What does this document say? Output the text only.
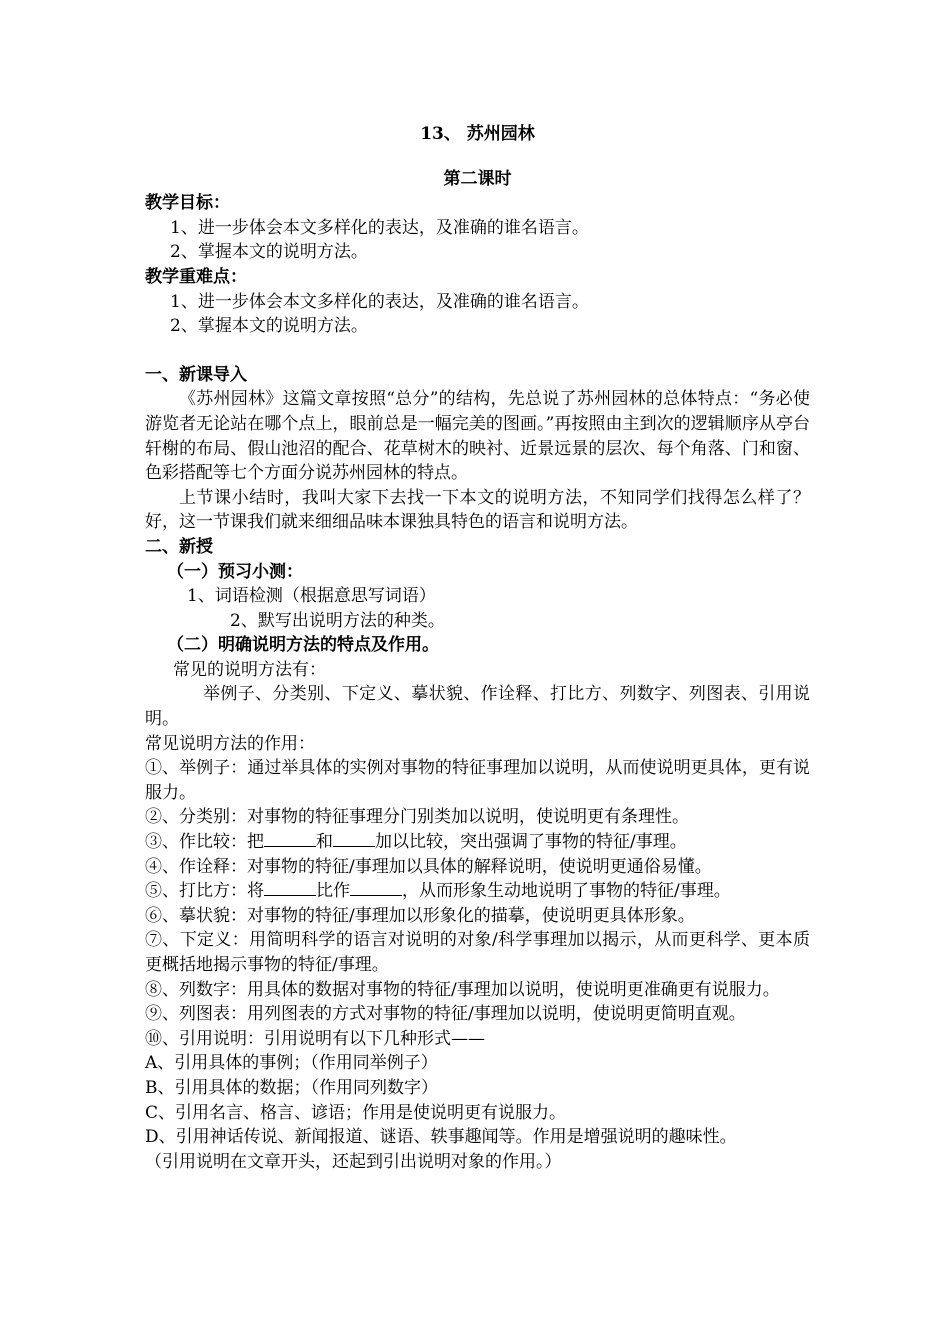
13、 苏州园林

第二课时

教学目标：

1、进一步体会本文多样化的表达，及准确的谁名语言。

2、掌握本文的说明方法。

教学重难点：

1、进一步体会本文多样化的表达，及准确的谁名语言。

2、掌握本文的说明方法。

一、新课导入

《苏州园林》这篇文章按照“总分”的结构，先总说了苏州园林的总体特点：“务必使游览者无论站在哪个点上，眼前总是一幅完美的图画。”再按照由主到次的逻辑顺序从亭台轩榭的布局、假山池沼的配合、花草树木的映衬、近景远景的层次、每个角落、门和窗、色彩搭配等七个方面分说苏州园林的特点。

上节课小结时，我叫大家下去找一下本文的说明方法，不知同学们找得怎么样了？好，这一节课我们就来细细品味本课独具特色的语言和说明方法。

二、新授

（一）预习小测：

1、词语检测（根据意思写词语）

2、默写出说明方法的种类。

（二）明确说明方法的特点及作用。

常见的说明方法有：

举例子、分类别、下定义、摹状貌、作诠释、打比方、列数字、列图表、引用说明。

常见说明方法的作用：

①、举例子：通过举具体的实例对事物的特征事理加以说明，从而使说明更具体，更有说服力。

②、分类别：对事物的特征事理分门别类加以说明，使说明更有条理性。

③、作比较：把	和 加以比较，突出强调了事物的特征/事理。

④、作诠释：对事物的特征/事理加以具体的解释说明，使说明更通俗易懂。

⑤、打比方：将	比作	，从而形象生动地说明了事物的特征/事理。

⑥、摹状貌：对事物的特征/事理加以形象化的描摹，使说明更具体形象。

⑦、下定义：用简明科学的语言对说明的对象/科学事理加以揭示，从而更科学、更本质更概括地揭示事物的特征/事理。

⑧、列数字：用具体的数据对事物的特征/事理加以说明，使说明更准确更有说服力。

⑨、列图表：用列图表的方式对事物的特征/事理加以说明，使说明更简明直观。

⑩、引用说明：引用说明有以下几种形式——

A、引用具体的事例；（作用同举例子）

B、引用具体的数据；（作用同列数字）

C、引用名言、格言、谚语；作用是使说明更有说服力。

D、引用神话传说、新闻报道、谜语、轶事趣闻等。作用是增强说明的趣味性。

（引用说明在文章开头，还起到引出说明对象的作用。）
